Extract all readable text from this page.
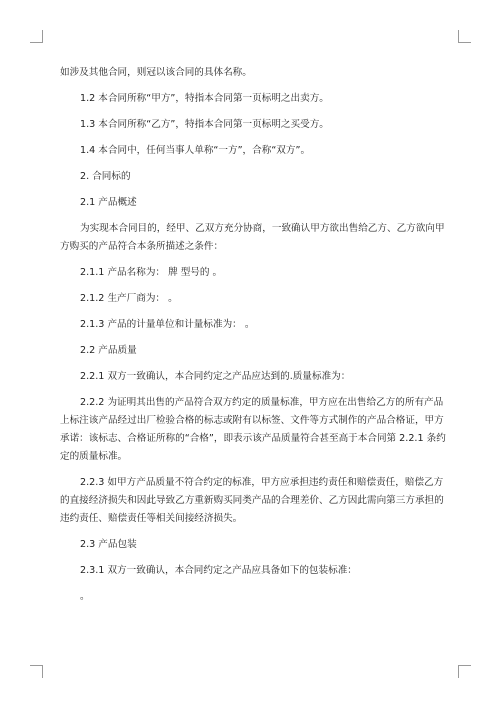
如涉及其他合同，则冠以该合同的具体名称。

1.2 本合同所称“甲方”，特指本合同第一页标明之出卖方。

1.3 本合同所称“乙方”，特指本合同第一页标明之买受方。

1.4 本合同中，任何当事人单称“一方”，合称“双方”。

2. 合同标的

2.1 产品概述

为实现本合同目的，经甲、乙双方充分协商，一致确认甲方欲出售给乙方、乙方欲向甲方购买的产品符合本条所描述之条件：

2.1.1 产品名称为： 牌 型号的 。

2.1.2 生产厂商为： 。

2.1.3 产品的计量单位和计量标准为： 。

2.2 产品质量

2.2.1 双方一致确认，本合同约定之产品应达到的.质量标准为：

2.2.2 为证明其出售的产品符合双方约定的质量标准，甲方应在出售给乙方的所有产品上标注该产品经过出厂检验合格的标志或附有以标签、文件等方式制作的产品合格证，甲方承诺：该标志、合格证所称的“合格”，即表示该产品质量符合甚至高于本合同第 2.2.1 条约定的质量标准。

2.2.3 如甲方产品质量不符合约定的标准，甲方应承担违约责任和赔偿责任，赔偿乙方的直接经济损失和因此导致乙方重新购买同类产品的合理差价、乙方因此需向第三方承担的违约责任、赔偿责任等相关间接经济损失。

2.3 产品包装

2.3.1 双方一致确认，本合同约定之产品应具备如下的包装标准：

。
